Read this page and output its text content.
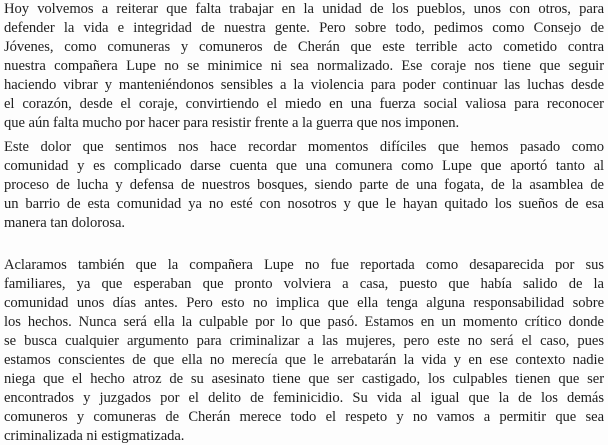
Hoy volvemos a reiterar que falta trabajar en la unidad de los pueblos, unos con otros, para
defender la vida e integridad de nuestra gente. Pero sobre todo, pedimos como Consejo de
Jóvenes, como comuneras y comuneros de Cherán que este terrible acto cometido contra
nuestra compañera Lupe no se minimice ni sea normalizado. Ese coraje nos tiene que seguir
haciendo vibrar y manteniéndonos sensibles a la violencia para poder continuar las luchas desde
el corazón, desde el coraje, convirtiendo el miedo en una fuerza social valiosa para reconocer
que aún falta mucho por hacer para resistir frente a la guerra que nos imponen.

Este dolor que sentimos nos hace recordar momentos difíciles que hemos pasado como
comunidad y es complicado darse cuenta que una comunera como Lupe que aportó tanto al
proceso de lucha y defensa de nuestros bosques, siendo parte de una fogata, de la asamblea de
un barrio de esta comunidad ya no esté con nosotros y que le hayan quitado los sueños de esa
manera tan dolorosa.

Aclaramos también que la compañera Lupe no fue reportada como desaparecida por sus
familiares, ya que esperaban que pronto volviera a casa, puesto que había salido de la
comunidad unos días antes. Pero esto no implica que ella tenga alguna responsabilidad sobre
los hechos. Nunca será ella la culpable por lo que pasó. Estamos en un momento crítico donde
se busca cualquier argumento para criminalizar a las mujeres, pero este no será el caso, pues
estamos conscientes de que ella no merecía que le arrebatarán la vida y en ese contexto nadie
niega que el hecho atroz de su asesinato tiene que ser castigado, los culpables tienen que ser
encontrados y juzgados por el delito de feminicidio. Su vida al igual que la de los demás
comuneros y comuneras de Cherán merece todo el respeto y no vamos a permitir que sea
criminalizada ni estigmatizada.
